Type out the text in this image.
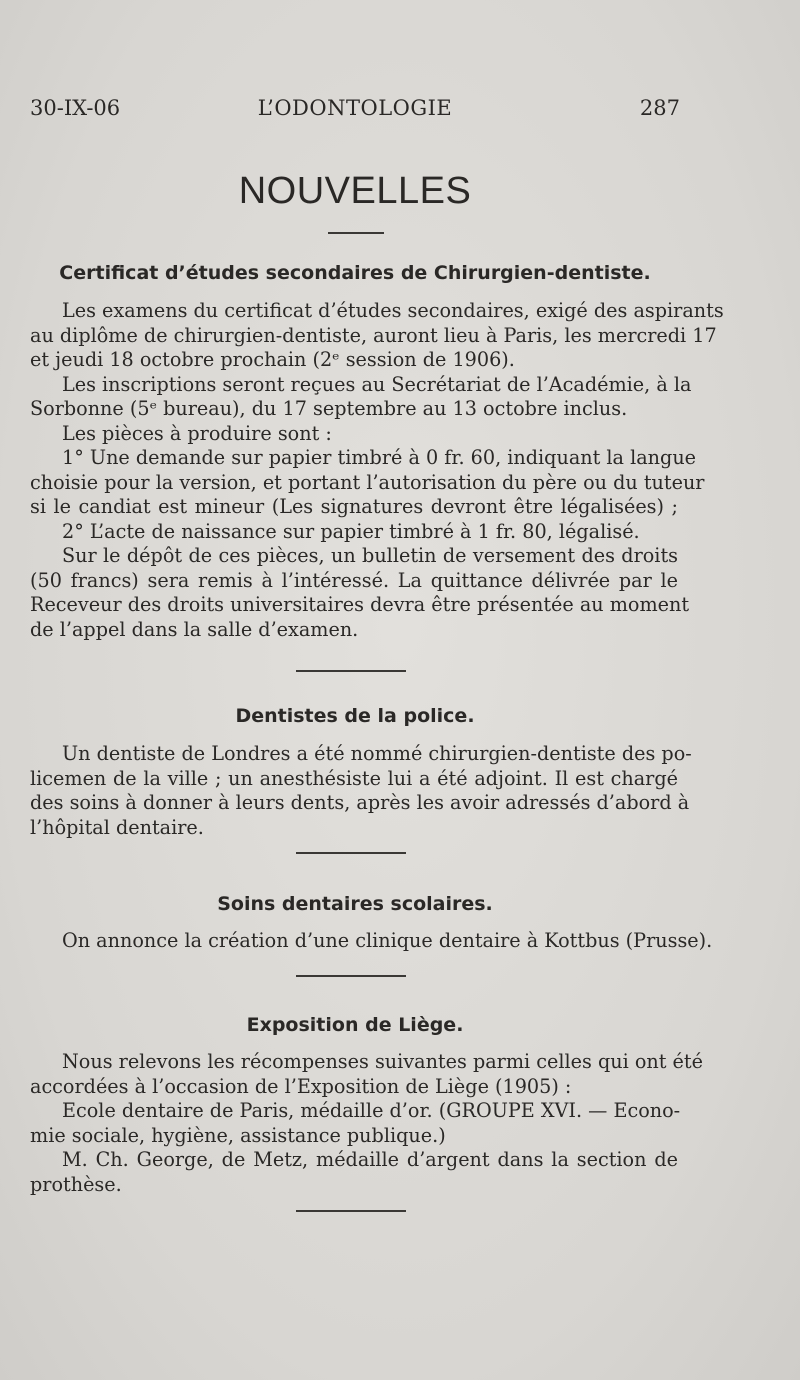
30-IX-06	L’ODONTOLOGIE	287
NOUVELLES
Certificat d’études secondaires de Chirurgien-dentiste.
Les examens du certificat d’études secondaires, exigé des aspirants
au diplôme de chirurgien-dentiste, auront lieu à Paris, les mercredi 17
et jeudi 18 octobre prochain (2ᵉ session de 1906).
Les inscriptions seront reçues au Secrétariat de l’Académie, à la
Sorbonne (5ᵉ bureau), du 17 septembre au 13 octobre inclus.
Les pièces à produire sont :
1° Une demande sur papier timbré à 0 fr. 60, indiquant la langue
choisie pour la version, et portant l’autorisation du père ou du tuteur
si le candiat est mineur (Les signatures devront être légalisées) ;
2° L’acte de naissance sur papier timbré à 1 fr. 80, légalisé.
Sur le dépôt de ces pièces, un bulletin de versement des droits
(50 francs) sera remis à l’intéressé. La quittance délivrée par le
Receveur des droits universitaires devra être présentée au moment
de l’appel dans la salle d’examen.
Dentistes de la police.
Un dentiste de Londres a été nommé chirurgien-dentiste des po-
licemen de la ville ; un anesthésiste lui a été adjoint. Il est chargé
des soins à donner à leurs dents, après les avoir adressés d’abord à
l’hôpital dentaire.
Soins dentaires scolaires.
On annonce la création d’une clinique dentaire à Kottbus (Prusse).
Exposition de Liège.
Nous relevons les récompenses suivantes parmi celles qui ont été
accordées à l’occasion de l’Exposition de Liège (1905) :
Ecole dentaire de Paris, médaille d’or. (GROUPE XVI. — Econo-
mie sociale, hygiène, assistance publique.)
M. Ch. George, de Metz, médaille d’argent dans la section de
prothèse.
